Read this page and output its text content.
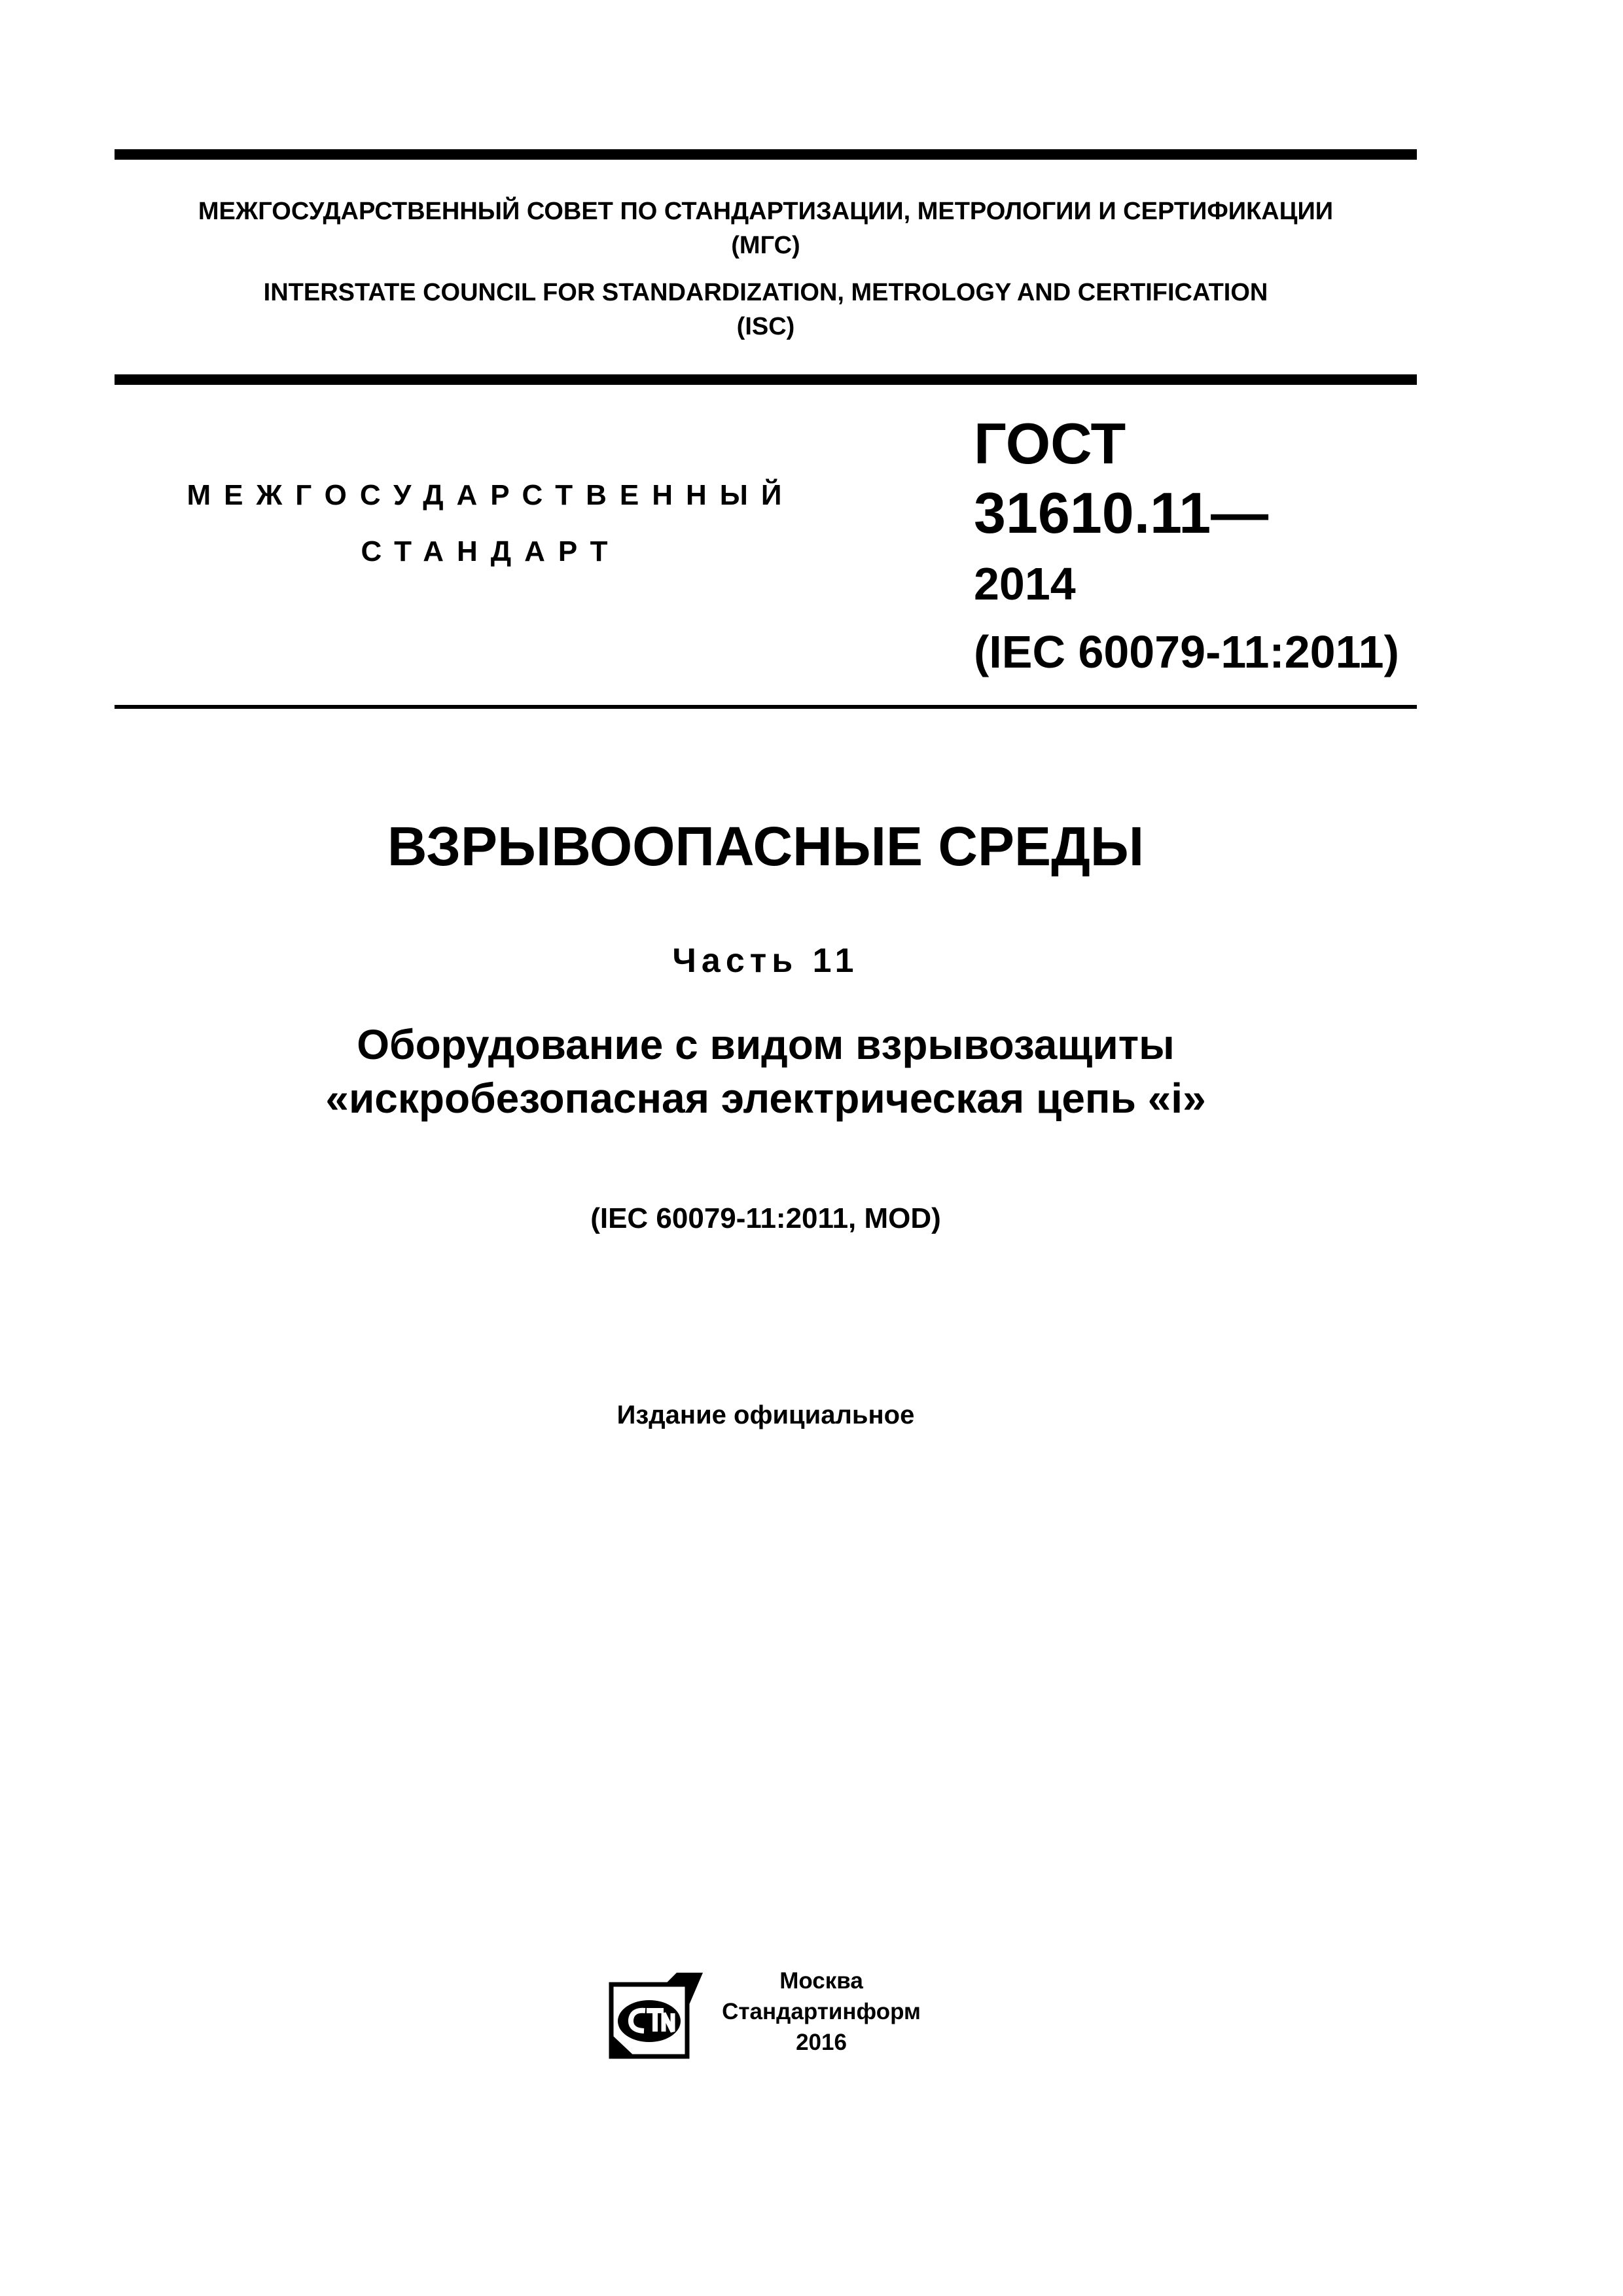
МЕЖГОСУДАРСТВЕННЫЙ СОВЕТ ПО СТАНДАРТИЗАЦИИ, МЕТРОЛОГИИ И СЕРТИФИКАЦИИ
(МГС)
INTERSTATE COUNCIL FOR STANDARDIZATION, METROLOGY AND CERTIFICATION
(ISC)
МЕЖГОСУДАРСТВЕННЫЙ
СТАНДАРТ
ГОСТ
31610.11—
2014
(IEC 60079-11:2011)
ВЗРЫВООПАСНЫЕ СРЕДЫ
Часть 11
Оборудование с видом взрывозащиты
«искробезопасная электрическая цепь «i»
(IEC 60079-11:2011, MOD)
Издание официальное
Москва
Стандартинформ
2016
